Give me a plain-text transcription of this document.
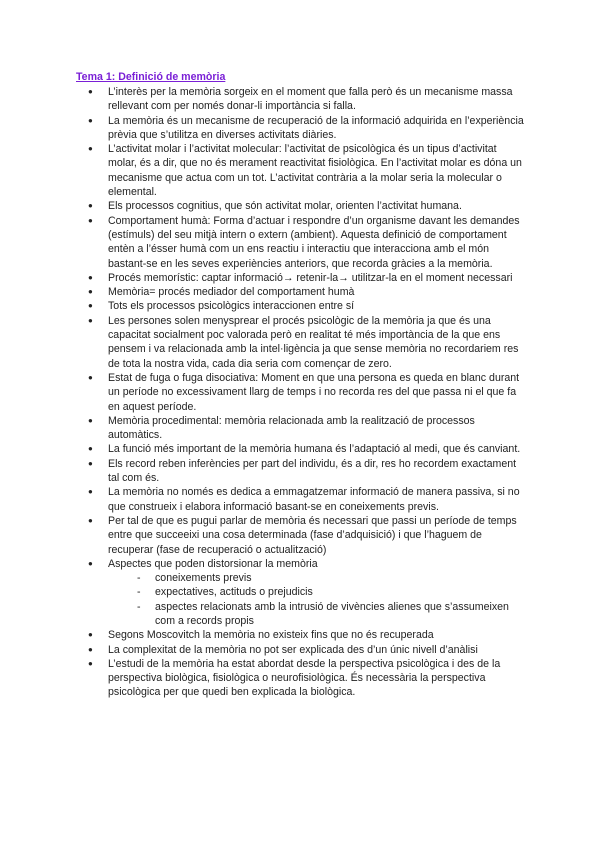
Tema 1: Definició de memòria
● L’interès per la memòria sorgeix en el moment que falla però és un mecanisme massa rellevant com per només donar-li importància si falla.
● La memòria és un mecanisme de recuperació de la informació adquirida en l’experiència prèvia que s’utilitza en diverses activitats diàries.
● L’activitat molar i l’activitat molecular: l’activitat de psicològica és un tipus d’activitat molar, és a dir, que no és merament reactivitat fisiològica. En l’activitat molar es dóna un mecanisme que actua com un tot. L’activitat contrària a la molar seria la molecular o elemental.
● Els processos cognitius, que són activitat molar, orienten l’activitat humana.
● Comportament humà: Forma d’actuar i respondre d’un organisme davant les demandes (estímuls) del seu mitjà intern o extern (ambient). Aquesta definició de comportament entèn a l’ésser humà com un ens reactiu i interactiu que interacciona amb el món bastant-se en les seves experiències anteriors, que recorda gràcies a la memòria.
● Procés memorístic: captar informació→ retenir-la→ utilitzar-la en el moment necessari
● Memòria= procés mediador del comportament humà
● Tots els processos psicològics interaccionen entre sí
● Les persones solen menysprear el procés psicològic de la memòria ja que és una capacitat socialment poc valorada però en realitat té més importància de la que ens pensem i va relacionada amb la intel·ligència ja que sense memòria no recordariem res de tota la nostra vida, cada dia seria com començar de zero.
● Estat de fuga o fuga disociativa: Moment en que una persona es queda en blanc durant un període no excessivament llarg de temps i no recorda res del que passa ni el que fa en aquest període.
● Memòria procedimental: memòria relacionada amb la realització de processos automàtics.
● La funció més important de la memòria humana és l’adaptació al medi, que és canviant.
● Els record reben inferències per part del individu, és a dir, res ho recordem exactament tal com és.
● La memòria no només es dedica a emmagatzemar informació de manera passiva, si no que construeix i elabora informació basant-se en coneixements previs.
● Per tal de que es pugui parlar de memòria és necessari que passi un període de temps entre que succeeixi una cosa determinada (fase d’adquisició) i que l’haguem de recuperar (fase de recuperació o actualització)
● Aspectes que poden distorsionar la memòria
- coneixements previs
- expectatives, actituds o prejudicis
- aspectes relacionats amb la intrusió de vivències alienes que s’assumeixen com a records propis
● Segons Moscovitch la memòria no existeix fins que no és recuperada
● La complexitat de la memòria no pot ser explicada des d’un únic nivell d’anàlisi
● L’estudi de la memòria ha estat abordat desde la perspectiva psicològica i des de la perspectiva biològica, fisiològica o neurofisiològica. És necessària la perspectiva psicològica per que quedi ben explicada la biològica.
